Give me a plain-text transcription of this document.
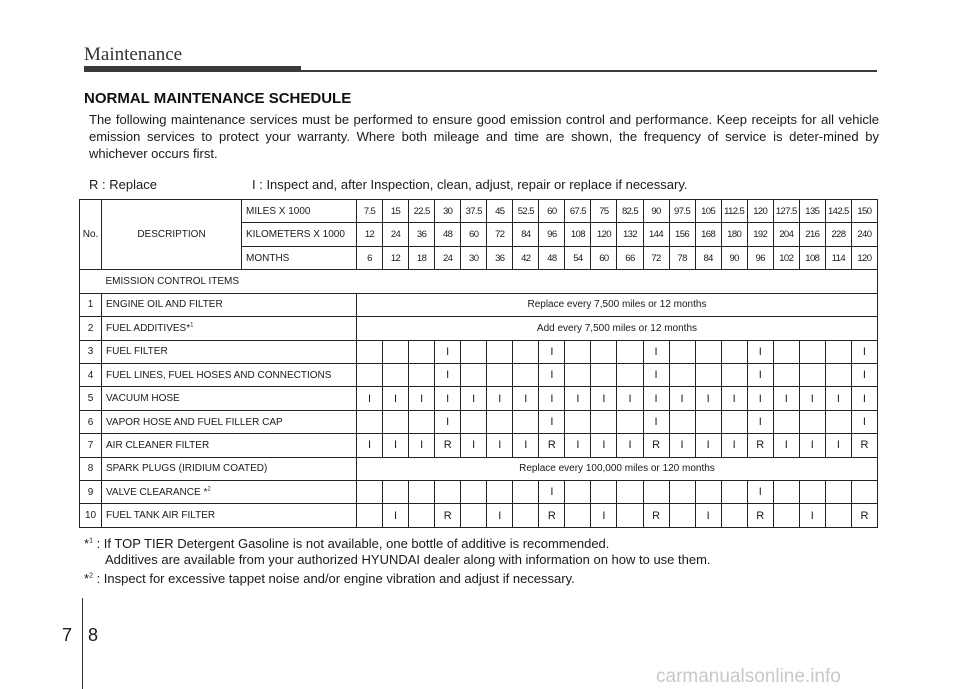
Maintenance
NORMAL MAINTENANCE SCHEDULE
The following maintenance services must be performed to ensure good emission control and performance. Keep receipts for all vehicle emission services to protect your warranty. Where both mileage and time are shown, the frequency of service is deter-mined by whichever occurs first.
R : Replace	I : Inspect and, after Inspection, clean, adjust, repair or replace if necessary.
No.	DESCRIPTION	MILES X 1000	7.5	15	22.5	30	37.5	45	52.5	60	67.5	75	82.5	90	97.5	105	112.5	120	127.5	135	142.5	150
		KILOMETERS X 1000	12	24	36	48	60	72	84	96	108	120	132	144	156	168	180	192	204	216	228	240
		MONTHS	6	12	18	24	30	36	42	48	54	60	66	72	78	84	90	96	102	108	114	120
	EMISSION CONTROL ITEMS																					
1	ENGINE OIL AND FILTER		Replace every 7,500 miles or 12 months																			
2	FUEL ADDITIVES*$^1$		Add every 7,500 miles or 12 months																			
3	FUEL FILTER					I				I				I				I				I
4	FUEL LINES, FUEL HOSES AND CONNECTIONS					I				I				I				I				I
5	VACUUM HOSE		I	I	I	I	I	I	I	I	I	I	I	I	I	I	I	I	I	I	I	I
6	VAPOR HOSE AND FUEL FILLER CAP					I				I				I				I				I
7	AIR CLEANER FILTER		I	I	I	R	I	I	I	R	I	I	I	R	I	I	I	R	I	I	I	R
8	SPARK PLUGS (IRIDIUM COATED)		Replace every 100,000 miles or 120 months																			
9	VALVE CLEARANCE *$^2$									I								I				
10	FUEL TANK AIR FILTER			I		R		I		R		I		R		I		R		I		R
*$^1$ : If TOP TIER Detergent Gasoline is not available, one bottle of additive is recommended.
Additives are available from your authorized HYUNDAI dealer along with information on how to use them.
*$^2$ : Inspect for excessive tappet noise and/or engine vibration and adjust if necessary.
7 8
carmanualsonline.info
